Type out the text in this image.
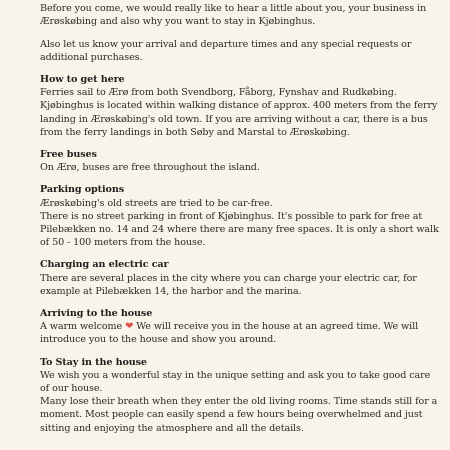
Before you come, we would really like to hear a little about you, your business in Ærøskøbing and also why you want to stay in Kjøbinghus.

Also let us know your arrival and departure times and any special requests or additional purchases.

How to get here
Ferries sail to Ærø from both Svendborg, Fåborg, Fynshav and Rudkøbing. Kjøbinghus is located within walking distance of approx. 400 meters from the ferry landing in Ærøskøbing's old town. If you are arriving without a car, there is a bus from the ferry landings in both Søby and Marstal to Ærøskøbing.
Free buses
On Ærø, buses are free throughout the island.
Parking options
Ærøskøbing's old streets are tried to be car-free.
There is no street parking in front of Kjøbinghus. It's possible to park for free at Pilebækken no. 14 and 24 where there are many free spaces. It is only a short walk of 50 - 100 meters from the house.
Charging an electric car
There are several places in the city where you can charge your electric car, for example at Pilebækken 14, the harbor and the marina.
Arriving to the house
A warm welcome ❤ We will receive you in the house at an agreed time. We will introduce you to the house and show you around.
To Stay in the house
We wish you a wonderful stay in the unique setting and ask you to take good care of our house.
Many lose their breath when they enter the old living rooms. Time stands still for a moment. Most people can easily spend a few hours being overwhelmed and just sitting and enjoying the atmosphere and all the details.
